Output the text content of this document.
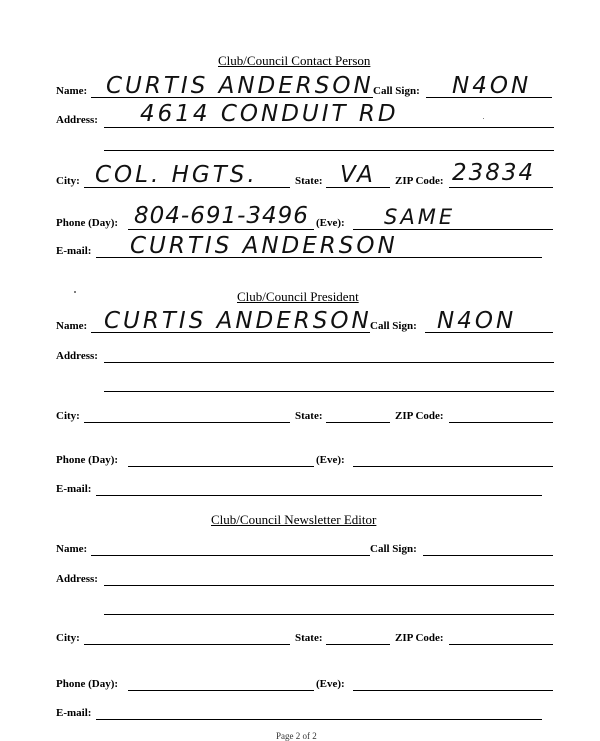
Club/Council Contact Person
Name: CURTIS ANDERSON Call Sign: N4ON
Address: 4614 CONDUIT RD
City: COL. HGTS.	State: VA ZIP Code: 23834
Phone (Day): 804-691-3496 (Eve): SAME
E-mail: CURTIS ANDERSON
Club/Council President
Name: CURTIS ANDERSON
Call Sign: N4ON
Address:
City:	State:	ZIP Code:
Phone (Day):	(Eve):
E-mail:
Club/Council Newsletter Editor
Name:	Call Sign:
Address:
City:	State:	ZIP Code:
Phone (Day):	(Eve):
E-mail:
Page 2 of 2
